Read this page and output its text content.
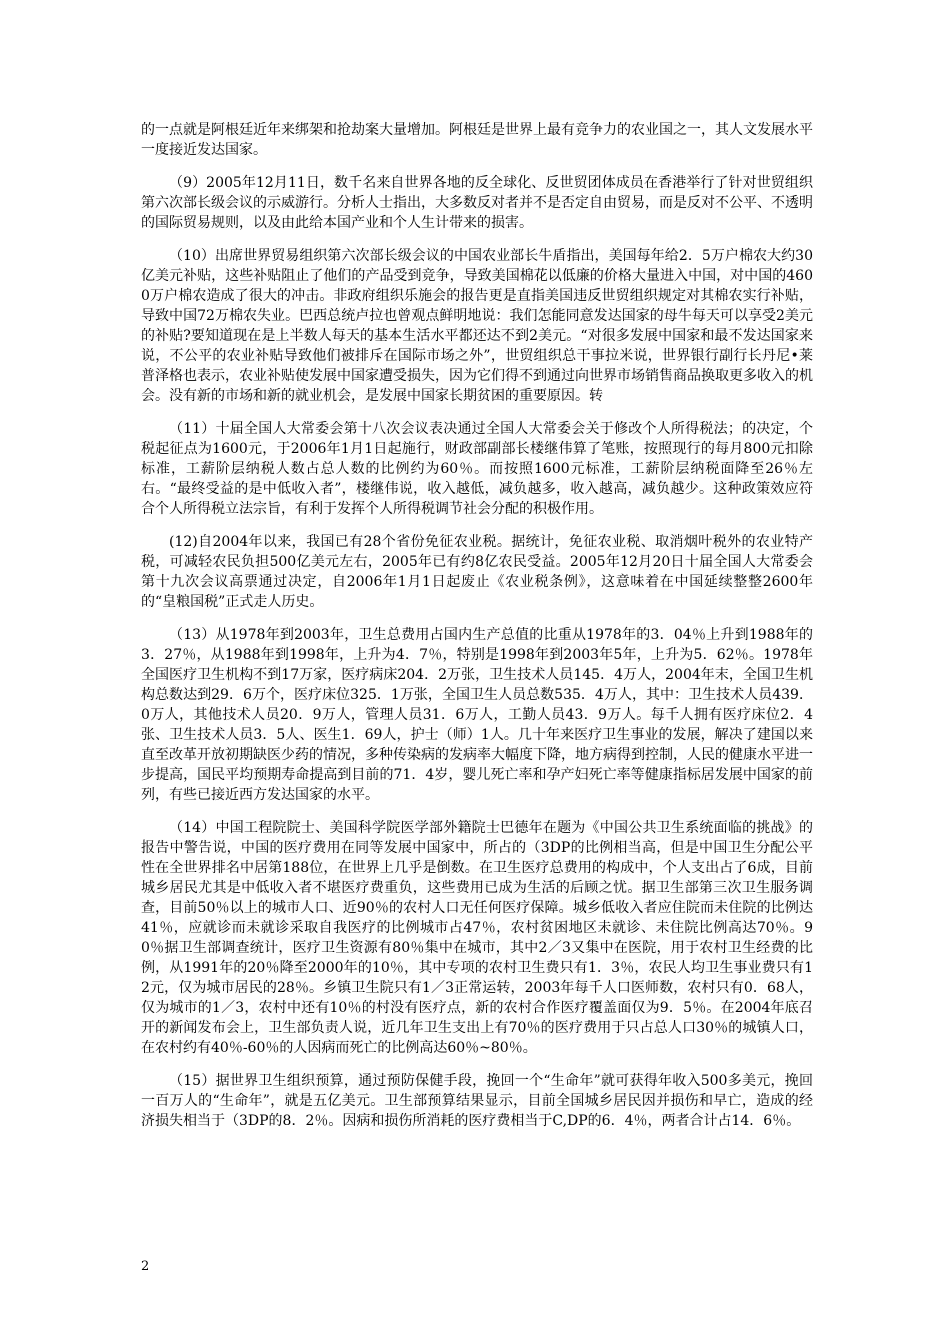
的一点就是阿根廷近年来绑架和抢劫案大量增加。阿根廷是世界上最有竞争力的农业国之一，其人文发展水平一度接近发达国家。

（9）2005年12月11日，数千名来自世界各地的反全球化、反世贸团体成员在香港举行了针对世贸组织第六次部长级会议的示威游行。分析人士指出，大多数反对者并不是否定自由贸易，而是反对不公平、不透明的国际贸易规则，以及由此给本国产业和个人生计带来的损害。

（10）出席世界贸易组织第六次部长级会议的中国农业部长牛盾指出，美国每年给2．5万户棉农大约30亿美元补贴，这些补贴阻止了他们的产品受到竞争，导致美国棉花以低廉的价格大量进入中国，对中国的4600万户棉农造成了很大的冲击。非政府组织乐施会的报告更是直指美国违反世贸组织规定对其棉农实行补贴，导致中国72万棉农失业。巴西总统卢拉也曾观点鲜明地说：我们怎能同意发达国家的母牛每天可以享受2美元的补贴?要知道现在是上半数人每天的基本生活水平都还达不到2美元。“对很多发展中国家和最不发达国家来说，不公平的农业补贴导致他们被排斥在国际市场之外”，世贸组织总干事拉米说，世界银行副行长丹尼•莱普泽格也表示，农业补贴使发展中国家遭受损失，因为它们得不到通过向世界市场销售商品换取更多收入的机会。没有新的市场和新的就业机会，是发展中国家长期贫困的重要原因。转

（11）十届全国人大常委会第十八次会议表决通过全国人大常委会关于修改个人所得税法；的决定，个税起征点为1600元，于2006年1月1日起施行，财政部副部长楼继伟算了笔账，按照现行的每月800元扣除标准，工薪阶层纳税人数占总人数的比例约为60％。而按照1600元标准，工薪阶层纳税面降至26％左右。“最终受益的是中低收入者”，楼继伟说，收入越低，减负越多，收入越高，减负越少。这种政策效应符合个人所得税立法宗旨，有利于发挥个人所得税调节社会分配的积极作用。

(12)自2004年以来，我国已有28个省份免征农业税。据统计，免征农业税、取消烟叶税外的农业特产税，可减轻农民负担500亿美元左右，2005年已有约8亿农民受益。2005年12月20日十届全国人大常委会第十九次会议高票通过决定，自2006年1月1日起废止《农业税条例》，这意味着在中国延续整整2600年的“皇粮国税”正式走人历史。

（13）从1978年到2003年，卫生总费用占国内生产总值的比重从1978年的3．04％上升到1988年的3．27％，从1988年到1998年，上升为4．7％，特别是1998年到2003年5年，上升为5．62％。1978年全国医疗卫生机构不到17万家，医疗病床204．2万张，卫生技术人员145．4万人，2004年末，全国卫生机构总数达到29．6万个，医疗床位325．1万张，全国卫生人员总数535．4万人，其中：卫生技术人员439．0万人，其他技术人员20．9万人，管理人员31．6万人，工勤人员43．9万人。每千人拥有医疗床位2．4张、卫生技术人员3．5人、医生1．69人，护士（师）1人。几十年来医疗卫生事业的发展，解决了建国以来直至改革开放初期缺医少药的情况，多种传染病的发病率大幅度下降，地方病得到控制，人民的健康水平进一步提高，国民平均预期寿命提高到目前的71．4岁，婴儿死亡率和孕产妇死亡率等健康指标居发展中国家的前列，有些已接近西方发达国家的水平。

（14）中国工程院院士、美国科学院医学部外籍院士巴德年在题为《中国公共卫生系统面临的挑战》的报告中警告说，中国的医疗费用在同等发展中国家中，所占的（3DP的比例相当高，但是中国卫生分配公平性在全世界排名中居第188位，在世界上几乎是倒数。在卫生医疗总费用的构成中，个人支出占了6成，目前城乡居民尤其是中低收入者不堪医疗费重负，这些费用已成为生活的后顾之忧。据卫生部第三次卫生服务调查，目前50％以上的城市人口、近90％的农村人口无任何医疗保障。城乡低收入者应住院而未住院的比例达41％，应就诊而未就诊采取自我医疗的比例城市占47％，农村贫困地区未就诊、未住院比例高达70％。90％据卫生部调查统计，医疗卫生资源有80％集中在城市，其中2／3又集中在医院，用于农村卫生经费的比例，从1991年的20％降至2000年的10％，其中专项的农村卫生费只有1．3％，农民人均卫生事业费只有12元，仅为城市居民的28％。乡镇卫生院只有1／3正常运转，2003年每千人口医师数，农村只有0．68人，仅为城市的1／3，农村中还有10％的村没有医疗点，新的农村合作医疗覆盖面仅为9．5％。在2004年底召开的新闻发布会上，卫生部负责人说，近几年卫生支出上有70％的医疗费用于只占总人口30％的城镇人口，在农村约有40％-60％的人因病而死亡的比例高达60％~80％。

（15）据世界卫生组织预算，通过预防保健手段，挽回一个“生命年”就可获得年收入500多美元，挽回一百万人的“生命年”，就是五亿美元。卫生部预算结果显示，目前全国城乡居民因并损伤和早亡，造成的经济损失相当于（3DP的8．2％。因病和损伤所消耗的医疗费相当于C,DP的6．4％，两者合计占14．6％。

2
